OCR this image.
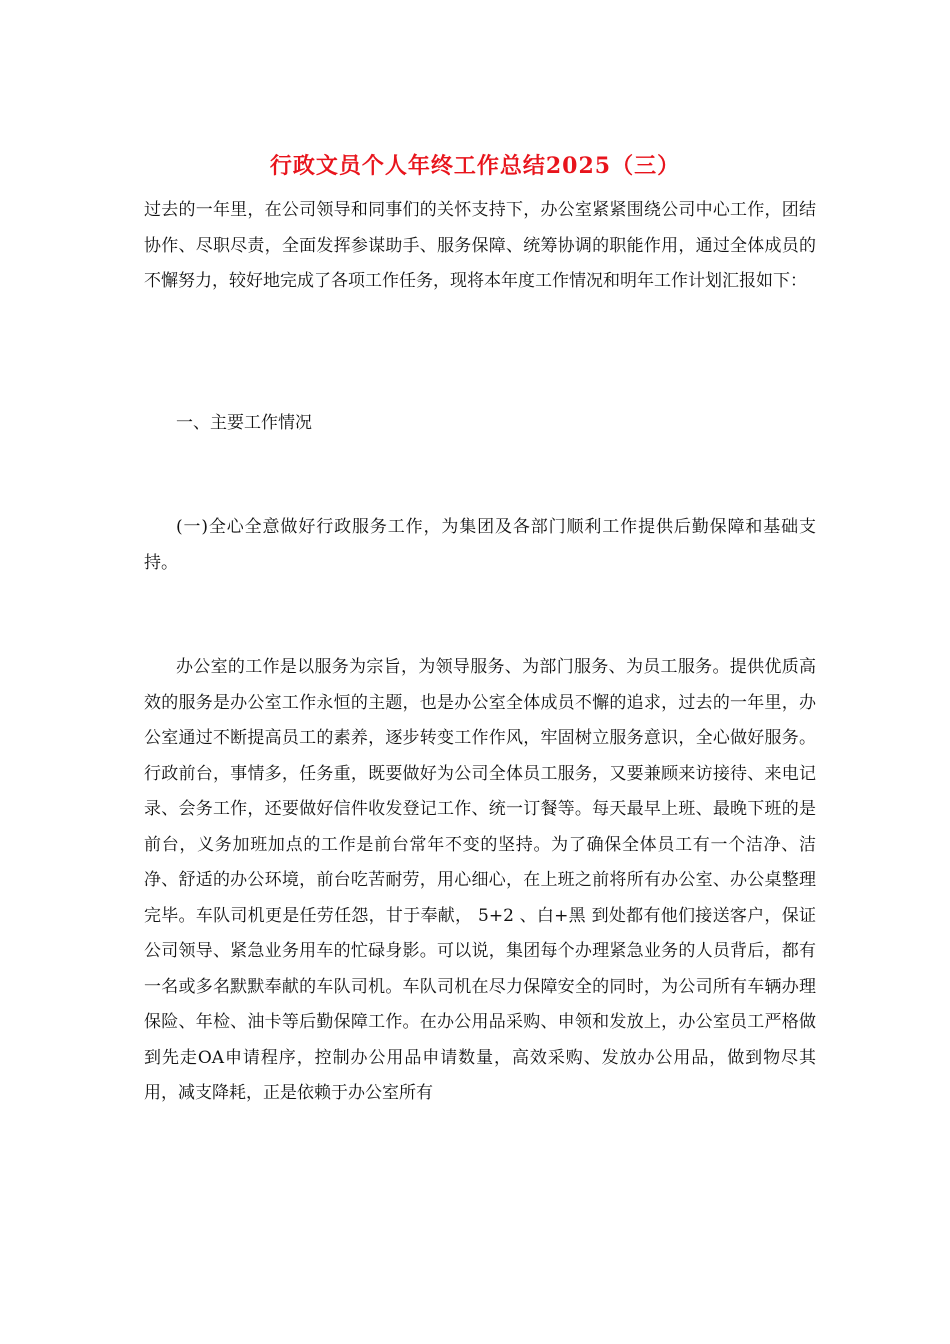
行政文员个人年终工作总结2025（三）

过去的一年里，在公司领导和同事们的关怀支持下，办公室紧紧围绕公司中心工作，团结协作、尽职尽责，全面发挥参谋助手、服务保障、统筹协调的职能作用，通过全体成员的不懈努力，较好地完成了各项工作任务，现将本年度工作情况和明年工作计划汇报如下：

一、主要工作情况

(一)全心全意做好行政服务工作，为集团及各部门顺利工作提供后勤保障和基础支持。

办公室的工作是以服务为宗旨，为领导服务、为部门服务、为员工服务。提供优质高效的服务是办公室工作永恒的主题，也是办公室全体成员不懈的追求，过去的一年里，办公室通过不断提高员工的素养，逐步转变工作作风，牢固树立服务意识，全心做好服务。行政前台，事情多，任务重，既要做好为公司全体员工服务，又要兼顾来访接待、来电记录、会务工作，还要做好信件收发登记工作、统一订餐等。每天最早上班、最晚下班的是前台，义务加班加点的工作是前台常年不变的坚持。为了确保全体员工有一个洁净、洁净、舒适的办公环境，前台吃苦耐劳，用心细心，在上班之前将所有办公室、办公桌整理完毕。车队司机更是任劳任怨，甘于奉献， 5+2 、白+黑 到处都有他们接送客户，保证公司领导、紧急业务用车的忙碌身影。可以说，集团每个办理紧急业务的人员背后，都有一名或多名默默奉献的车队司机。车队司机在尽力保障安全的同时，为公司所有车辆办理保险、年检、油卡等后勤保障工作。在办公用品采购、申领和发放上，办公室员工严格做到先走OA申请程序，控制办公用品申请数量，高效采购、发放办公用品，做到物尽其用，减支降耗，正是依赖于办公室所有
